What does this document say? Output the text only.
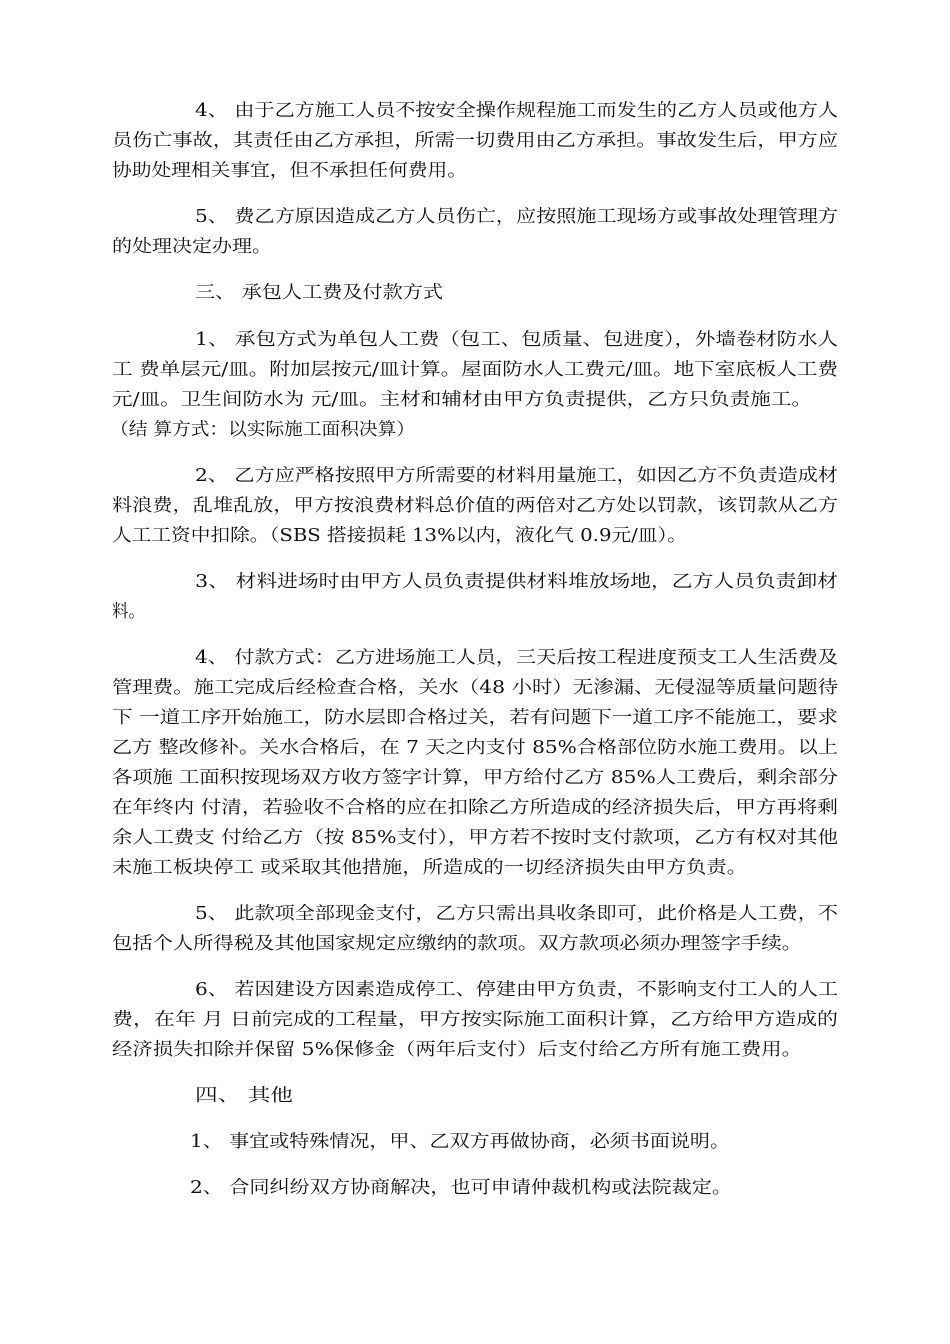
4、 由于乙方施工人员不按安全操作规程施工而发生的乙方人员或他方人
员伤亡事故，其责任由乙方承担，所需一切费用由乙方承担。事故发生后，甲方应
协助处理相关事宜，但不承担任何费用。
5、 费乙方原因造成乙方人员伤亡，应按照施工现场方或事故处理管理方
的处理决定办理。
三、 承包人工费及付款方式
1、 承包方式为单包人工费（包工、包质量、包进度），外墙卷材防水人
工 费单层元/皿。附加层按元/皿计算。屋面防水人工费元/皿。地下室底板人工费
元/皿。卫生间防水为 元/皿。主材和辅材由甲方负责提供，乙方只负责施工。
（结 算方式：以实际施工面积决算）
2、 乙方应严格按照甲方所需要的材料用量施工，如因乙方不负责造成材
料浪费，乱堆乱放，甲方按浪费材料总价值的两倍对乙方处以罚款，该罚款从乙方
人工工资中扣除。（SBS 搭接损耗 13%以内，液化气 0.9元/皿）。
3、 材料进场时由甲方人员负责提供材料堆放场地，乙方人员负责卸材
料。
4、 付款方式：乙方进场施工人员，三天后按工程进度预支工人生活费及
管理费。施工完成后经检查合格，关水（48 小时）无渗漏、无侵湿等质量问题待
下 一道工序开始施工，防水层即合格过关，若有问题下一道工序不能施工，要求
乙方 整改修补。关水合格后，在 7 天之内支付 85%合格部位防水施工费用。以上
各项施 工面积按现场双方收方签字计算，甲方给付乙方 85%人工费后，剩余部分
在年终内 付清，若验收不合格的应在扣除乙方所造成的经济损失后，甲方再将剩
余人工费支 付给乙方（按 85%支付），甲方若不按时支付款项，乙方有权对其他
未施工板块停工 或采取其他措施，所造成的一切经济损失由甲方负责。
5、 此款项全部现金支付，乙方只需出具收条即可，此价格是人工费，不
包括个人所得税及其他国家规定应缴纳的款项。双方款项必须办理签字手续。
6、 若因建设方因素造成停工、停建由甲方负责，不影响支付工人的人工
费，在年 月 日前完成的工程量，甲方按实际施工面积计算，乙方给甲方造成的
经济损失扣除并保留 5%保修金（两年后支付）后支付给乙方所有施工费用。
四、 其他
1、 事宜或特殊情况，甲、乙双方再做协商，必须书面说明。
2、 合同纠纷双方协商解决，也可申请仲裁机构或法院裁定。
